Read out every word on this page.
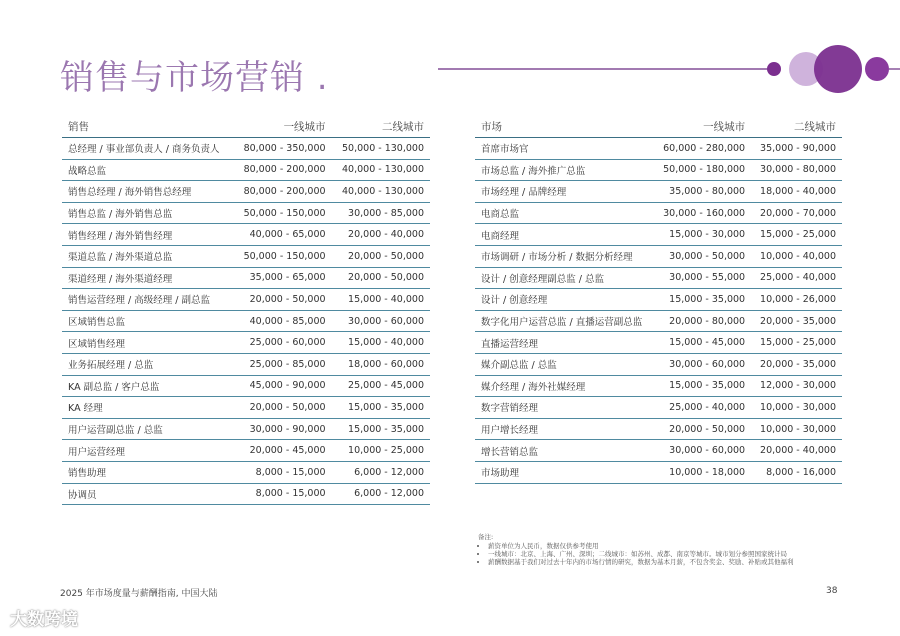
销售与市场营销 .
销售	一线城市	二线城市
总经理 / 事业部负责人 / 商务负责人	80,000 - 350,000	50,000 - 130,000
战略总监	80,000 - 200,000	40,000 - 130,000
销售总经理 / 海外销售总经理	80,000 - 200,000	40,000 - 130,000
销售总监 / 海外销售总监	50,000 - 150,000	30,000 - 85,000
销售经理 / 海外销售经理	40,000 - 65,000	20,000 - 40,000
渠道总监 / 海外渠道总监	50,000 - 150,000	20,000 - 50,000
渠道经理 / 海外渠道经理	35,000 - 65,000	20,000 - 50,000
销售运营经理 / 高级经理 / 副总监	20,000 - 50,000	15,000 - 40,000
区域销售总监	40,000 - 85,000	30,000 - 60,000
区域销售经理	25,000 - 60,000	15,000 - 40,000
业务拓展经理 / 总监	25,000 - 85,000	18,000 - 60,000
KA 副总监 / 客户总监	45,000 - 90,000	25,000 - 45,000
KA 经理	20,000 - 50,000	15,000 - 35,000
用户运营副总监 / 总监	30,000 - 90,000	15,000 - 35,000
用户运营经理	20,000 - 45,000	10,000 - 25,000
销售助理	8,000 - 15,000	6,000 - 12,000
协调员	8,000 - 15,000	6,000 - 12,000
市场	一线城市	二线城市
首席市场官	60,000 - 280,000	35,000 - 90,000
市场总监 / 海外推广总监	50,000 - 180,000	30,000 - 80,000
市场经理 / 品牌经理	35,000 - 80,000	18,000 - 40,000
电商总监	30,000 - 160,000	20,000 - 70,000
电商经理	15,000 - 30,000	15,000 - 25,000
市场调研 / 市场分析 / 数据分析经理	30,000 - 50,000	10,000 - 40,000
设计 / 创意经理副总监 / 总监	30,000 - 55,000	25,000 - 40,000
设计 / 创意经理	15,000 - 35,000	10,000 - 26,000
数字化用户运营总监 / 直播运营副总监	20,000 - 80,000	20,000 - 35,000
直播运营经理	15,000 - 45,000	15,000 - 25,000
媒介副总监 / 总监	30,000 - 60,000	20,000 - 35,000
媒介经理 / 海外社媒经理	15,000 - 35,000	12,000 - 30,000
数字营销经理	25,000 - 40,000	10,000 - 30,000
用户增长经理	20,000 - 50,000	10,000 - 30,000
增长营销总监	30,000 - 60,000	20,000 - 40,000
市场助理	10,000 - 18,000	8,000 - 16,000
备注:
• 薪资单位为人民币，数据仅供参考使用
• 一线城市：北京、上海、广州、深圳；二线城市：如苏州、成都、南京等城市。城市划分参照国家统计局
• 薪酬数据基于我们对过去十年内的市场行情的研究，数据为基本月薪，不包含奖金、奖励、补贴或其他福利
2025 年市场度量与薪酬指南, 中国大陆	38
大数跨境
